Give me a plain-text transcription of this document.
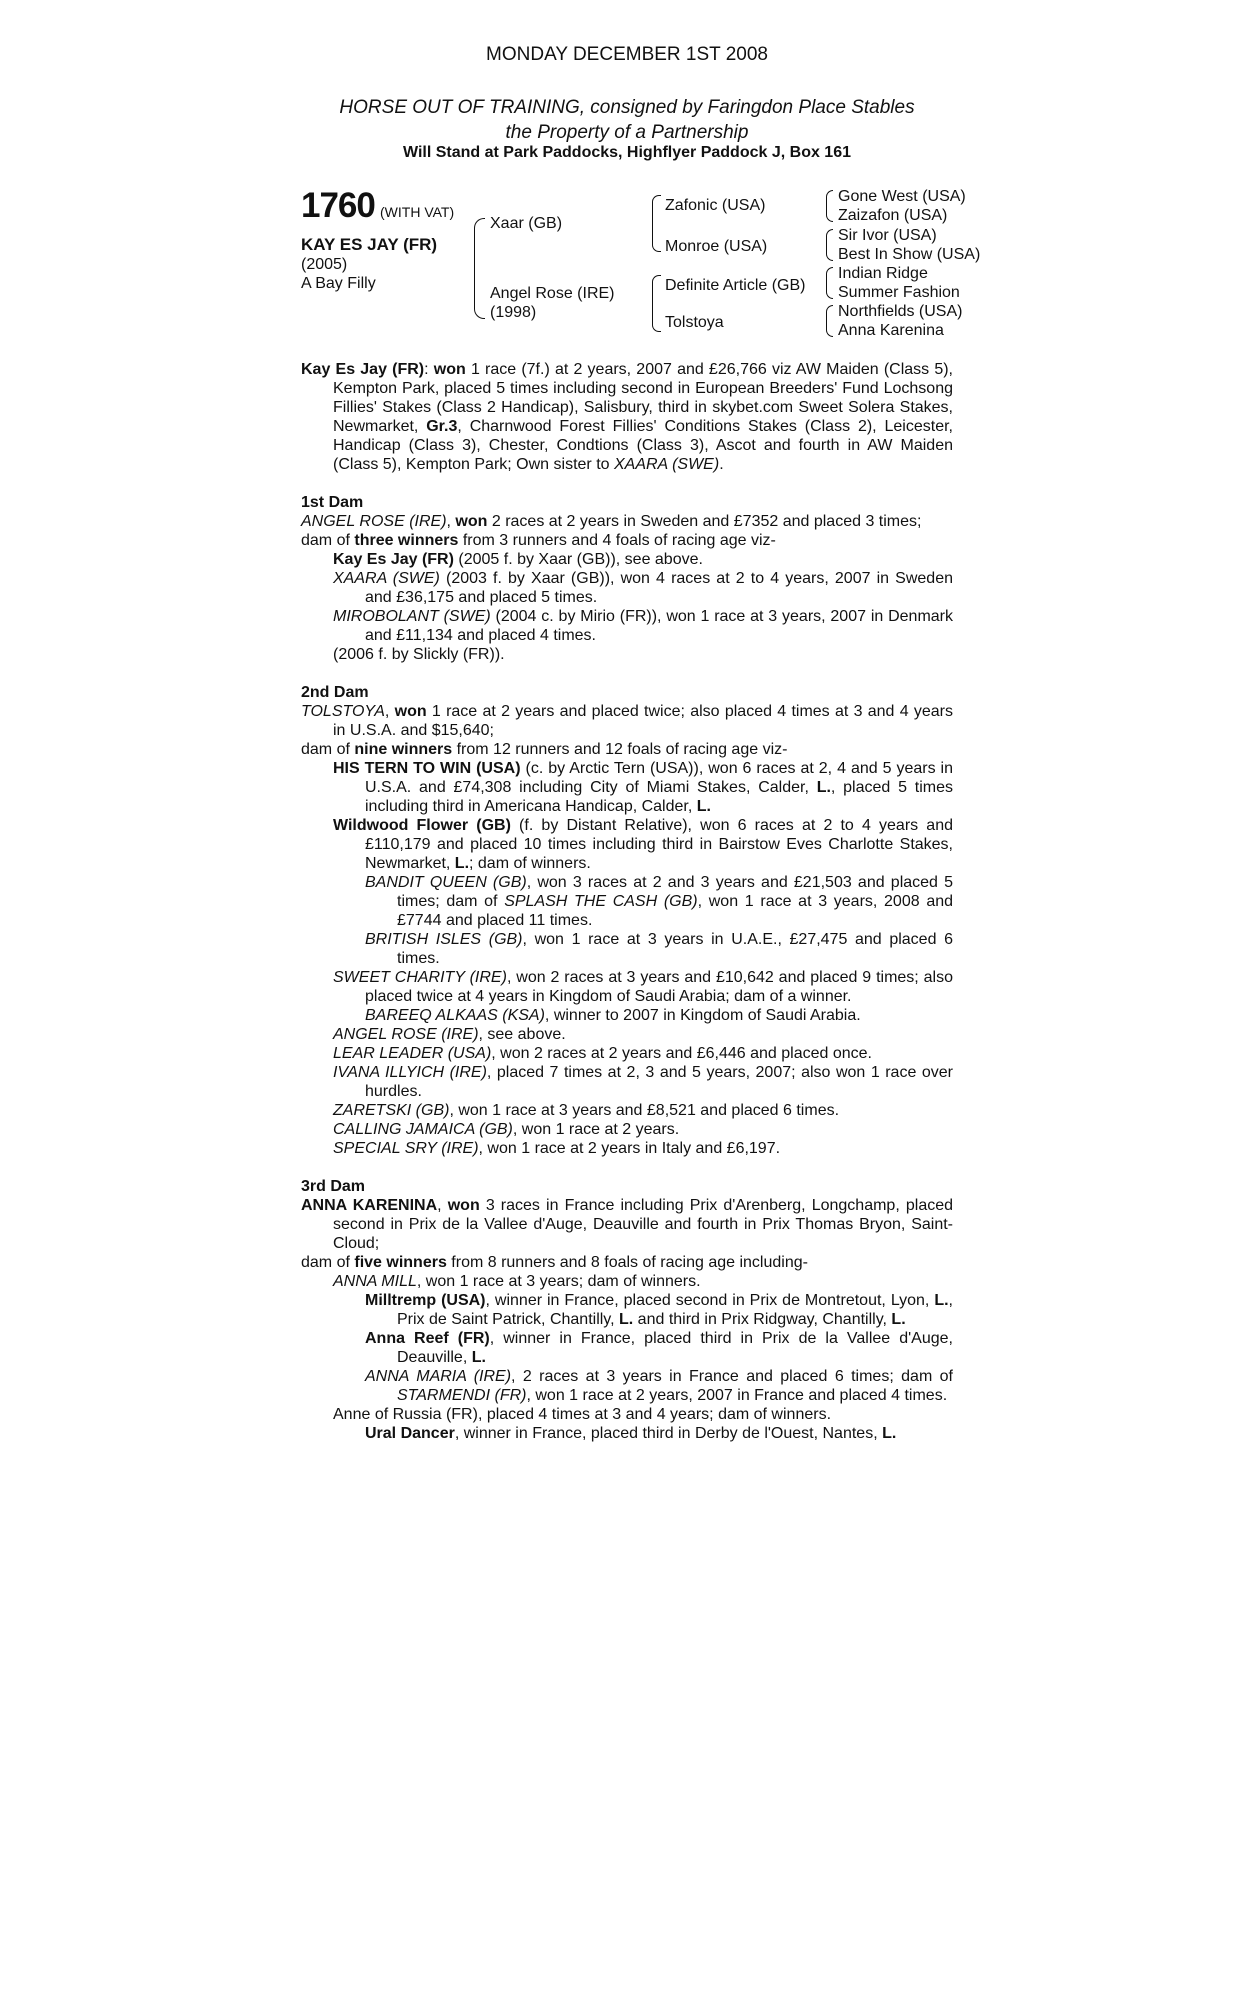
MONDAY DECEMBER 1ST 2008
HORSE OUT OF TRAINING, consigned by Faringdon Place Stables
the Property of a Partnership
Will Stand at Park Paddocks, Highflyer Paddock J, Box 161
1760 (WITH VAT)
KAY ES JAY (FR)
(2005)
A Bay Filly
Xaar (GB)
Angel Rose (IRE)
(1998)
Zafonic (USA)
Monroe (USA)
Definite Article (GB)
Tolstoya
Gone West (USA)
Zaizafon (USA)
Sir Ivor (USA)
Best In Show (USA)
Indian Ridge
Summer Fashion
Northfields (USA)
Anna Karenina

Kay Es Jay (FR): won 1 race (7f.) at 2 years, 2007 and £26,766 viz AW Maiden (Class 5), Kempton Park, placed 5 times including second in European Breeders' Fund Lochsong Fillies' Stakes (Class 2 Handicap), Salisbury, third in skybet.com Sweet Solera Stakes, Newmarket, Gr.3, Charnwood Forest Fillies' Conditions Stakes (Class 2), Leicester, Handicap (Class 3), Chester, Condtions (Class 3), Ascot and fourth in AW Maiden (Class 5), Kempton Park; Own sister to XAARA (SWE).

1st Dam

ANGEL ROSE (IRE), won 2 races at 2 years in Sweden and £7352 and placed 3 times;

dam of three winners from 3 runners and 4 foals of racing age viz-

Kay Es Jay (FR) (2005 f. by Xaar (GB)), see above.

XAARA (SWE) (2003 f. by Xaar (GB)), won 4 races at 2 to 4 years, 2007 in Sweden and £36,175 and placed 5 times.

MIROBOLANT (SWE) (2004 c. by Mirio (FR)), won 1 race at 3 years, 2007 in Denmark and £11,134 and placed 4 times.

(2006 f. by Slickly (FR)).

2nd Dam

TOLSTOYA, won 1 race at 2 years and placed twice; also placed 4 times at 3 and 4 years in U.S.A. and $15,640;

dam of nine winners from 12 runners and 12 foals of racing age viz-

HIS TERN TO WIN (USA) (c. by Arctic Tern (USA)), won 6 races at 2, 4 and 5 years in U.S.A. and £74,308 including City of Miami Stakes, Calder, L., placed 5 times including third in Americana Handicap, Calder, L.

Wildwood Flower (GB) (f. by Distant Relative), won 6 races at 2 to 4 years and £110,179 and placed 10 times including third in Bairstow Eves Charlotte Stakes, Newmarket, L.; dam of winners.

BANDIT QUEEN (GB), won 3 races at 2 and 3 years and £21,503 and placed 5 times; dam of SPLASH THE CASH (GB), won 1 race at 3 years, 2008 and £7744 and placed 11 times.

BRITISH ISLES (GB), won 1 race at 3 years in U.A.E., £27,475 and placed 6 times.

SWEET CHARITY (IRE), won 2 races at 3 years and £10,642 and placed 9 times; also placed twice at 4 years in Kingdom of Saudi Arabia; dam of a winner.

BAREEQ ALKAAS (KSA), winner to 2007 in Kingdom of Saudi Arabia.

ANGEL ROSE (IRE), see above.

LEAR LEADER (USA), won 2 races at 2 years and £6,446 and placed once.

IVANA ILLYICH (IRE), placed 7 times at 2, 3 and 5 years, 2007; also won 1 race over hurdles.

ZARETSKI (GB), won 1 race at 3 years and £8,521 and placed 6 times.

CALLING JAMAICA (GB), won 1 race at 2 years.

SPECIAL SRY (IRE), won 1 race at 2 years in Italy and £6,197.

3rd Dam

ANNA KARENINA, won 3 races in France including Prix d'Arenberg, Longchamp, placed second in Prix de la Vallee d'Auge, Deauville and fourth in Prix Thomas Bryon, Saint-Cloud;

dam of five winners from 8 runners and 8 foals of racing age including-

ANNA MILL, won 1 race at 3 years; dam of winners.

Milltremp (USA), winner in France, placed second in Prix de Montretout, Lyon, L., Prix de Saint Patrick, Chantilly, L. and third in Prix Ridgway, Chantilly, L.

Anna Reef (FR), winner in France, placed third in Prix de la Vallee d'Auge, Deauville, L.

ANNA MARIA (IRE), 2 races at 3 years in France and placed 6 times; dam of STARMENDI (FR), won 1 race at 2 years, 2007 in France and placed 4 times.

Anne of Russia (FR), placed 4 times at 3 and 4 years; dam of winners.

Ural Dancer, winner in France, placed third in Derby de l'Ouest, Nantes, L.
